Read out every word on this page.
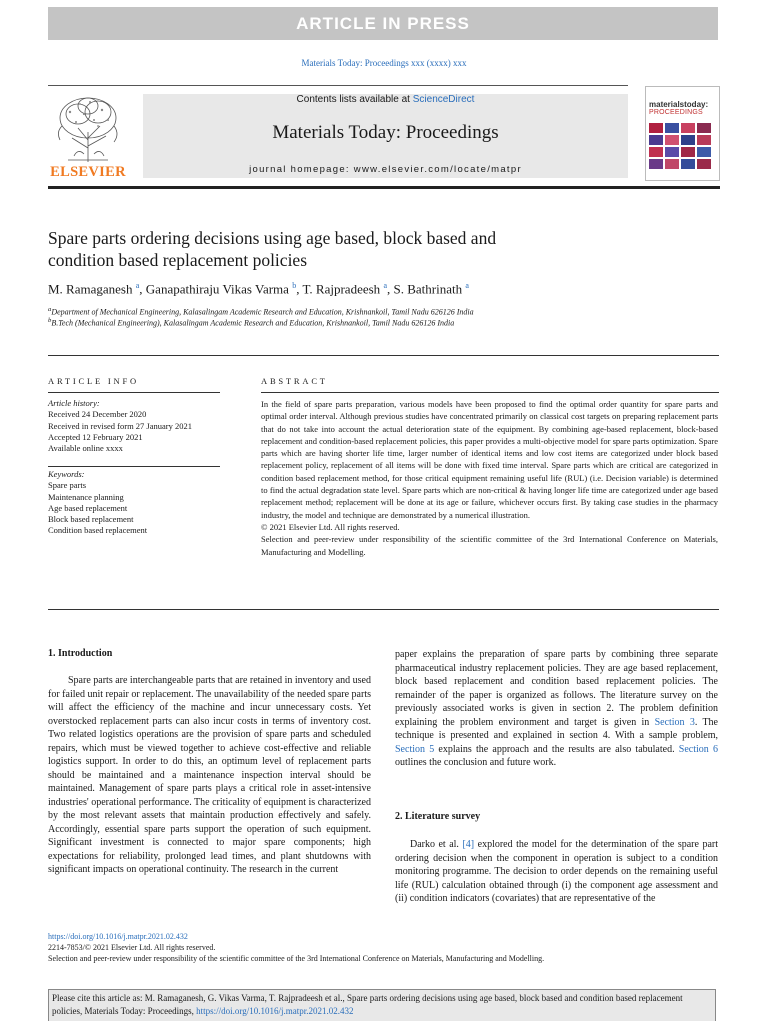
ARTICLE IN PRESS
Materials Today: Proceedings xxx (xxxx) xxx
ELSEVIER
Contents lists available at ScienceDirect
Materials Today: Proceedings
journal homepage: www.elsevier.com/locate/matpr
materialstoday:
PROCEEDINGS
Spare parts ordering decisions using age based, block based and
condition based replacement policies
M. Ramaganesh $^a$, Ganapathiraju Vikas Varma $^b$, T. Rajpradeesh $^a$, S. Bathrinath $^a$
$^a$Department of Mechanical Engineering, Kalasalingam Academic Research and Education, Krishnankoil, Tamil Nadu 626126 India
$^b$B.Tech (Mechanical Engineering), Kalasalingam Academic Research and Education, Krishnankoil, Tamil Nadu 626126 India
ARTICLE INFO
Article history:
Received 24 December 2020
Received in revised form 27 January 2021
Accepted 12 February 2021
Available online xxxx
Keywords:
Spare parts
Maintenance planning
Age based replacement
Block based replacement
Condition based replacement
ABSTRACT
In the field of spare parts preparation, various models have been proposed to find the optimal order quantity for spare parts and optimal order interval. Although previous studies have concentrated primarily on classical cost targets on preparing replacement parts that do not take into account the actual deterioration state of the equipment. By combining age-based replacement, block-based replacement and condition-based replacement policies, this paper provides a multi-objective model for spare parts optimization. Spare parts which are having shorter life time, larger number of identical items and low cost items are categorized under block based replacement policy, replacement of all items will be done with fixed time interval. Spare parts which are critical are categorized in condition based replacement method, for those critical equipment remaining useful life (RUL) (i.e. Decision variable) is determined to find the actual degradation state level. Spare parts which are non-critical & having longer life time are categorized under age based replacement method; replacement will be done at its age or failure, whichever occurs first. By taking case studies in the pharmacy industry, the model and technique are demonstrated by a numerical illustration.
© 2021 Elsevier Ltd. All rights reserved.
Selection and peer-review under responsibility of the scientific committee of the 3rd International Conference on Materials, Manufacturing and Modelling.
1. Introduction

Spare parts are interchangeable parts that are retained in inventory and used for failed unit repair or replacement. The unavailability of the needed spare parts will affect the efficiency of the machine and incur unnecessary costs. Yet overstocked replacement parts can also incur costs in terms of inventory cost. Two related logistics operations are the provision of spare parts and scheduled repairs, which must be viewed together to achieve cost-effective and reliable logistics support. In order to do this, an optimum level of replacement parts should be maintained and a maintenance inspection interval should be maintained. Management of spare parts plays a critical role in asset-intensive industries' operational performance. The criticality of equipment is characterized by the most relevant assets that maintain production effectively and safely. Accordingly, essential spare parts support the operation of such equipment. Significant investment is connected to major spare components; high expectations for reliability, prolonged lead times, and plant shutdowns with significant impacts on operational continuity. The research in the current

paper explains the preparation of spare parts by combining three separate pharmaceutical industry replacement policies. They are age based replacement, block based replacement and condition based replacement policies. The remainder of the paper is organized as follows. The literature survey on the previously associated works is given in section 2. The problem definition explaining the problem environment and target is given in Section 3. The technique is presented and explained in section 4. With a sample problem, Section 5 explains the approach and the results are also tabulated. Section 6 outlines the conclusion and future work.

2. Literature survey

Darko et al. [4] explored the model for the determination of the spare part ordering decision when the component in operation is subject to a condition monitoring programme. The decision to order depends on the remaining useful life (RUL) calculation obtained through (i) the component age assessment and (ii) condition indicators (covariates) that are representative of the

https://doi.org/10.1016/j.matpr.2021.02.432
2214-7853/© 2021 Elsevier Ltd. All rights reserved.
Selection and peer-review under responsibility of the scientific committee of the 3rd International Conference on Materials, Manufacturing and Modelling.
Please cite this article as: M. Ramaganesh, G. Vikas Varma, T. Rajpradeesh et al., Spare parts ordering decisions using age based, block based and condition based replacement policies, Materials Today: Proceedings, https://doi.org/10.1016/j.matpr.2021.02.432
